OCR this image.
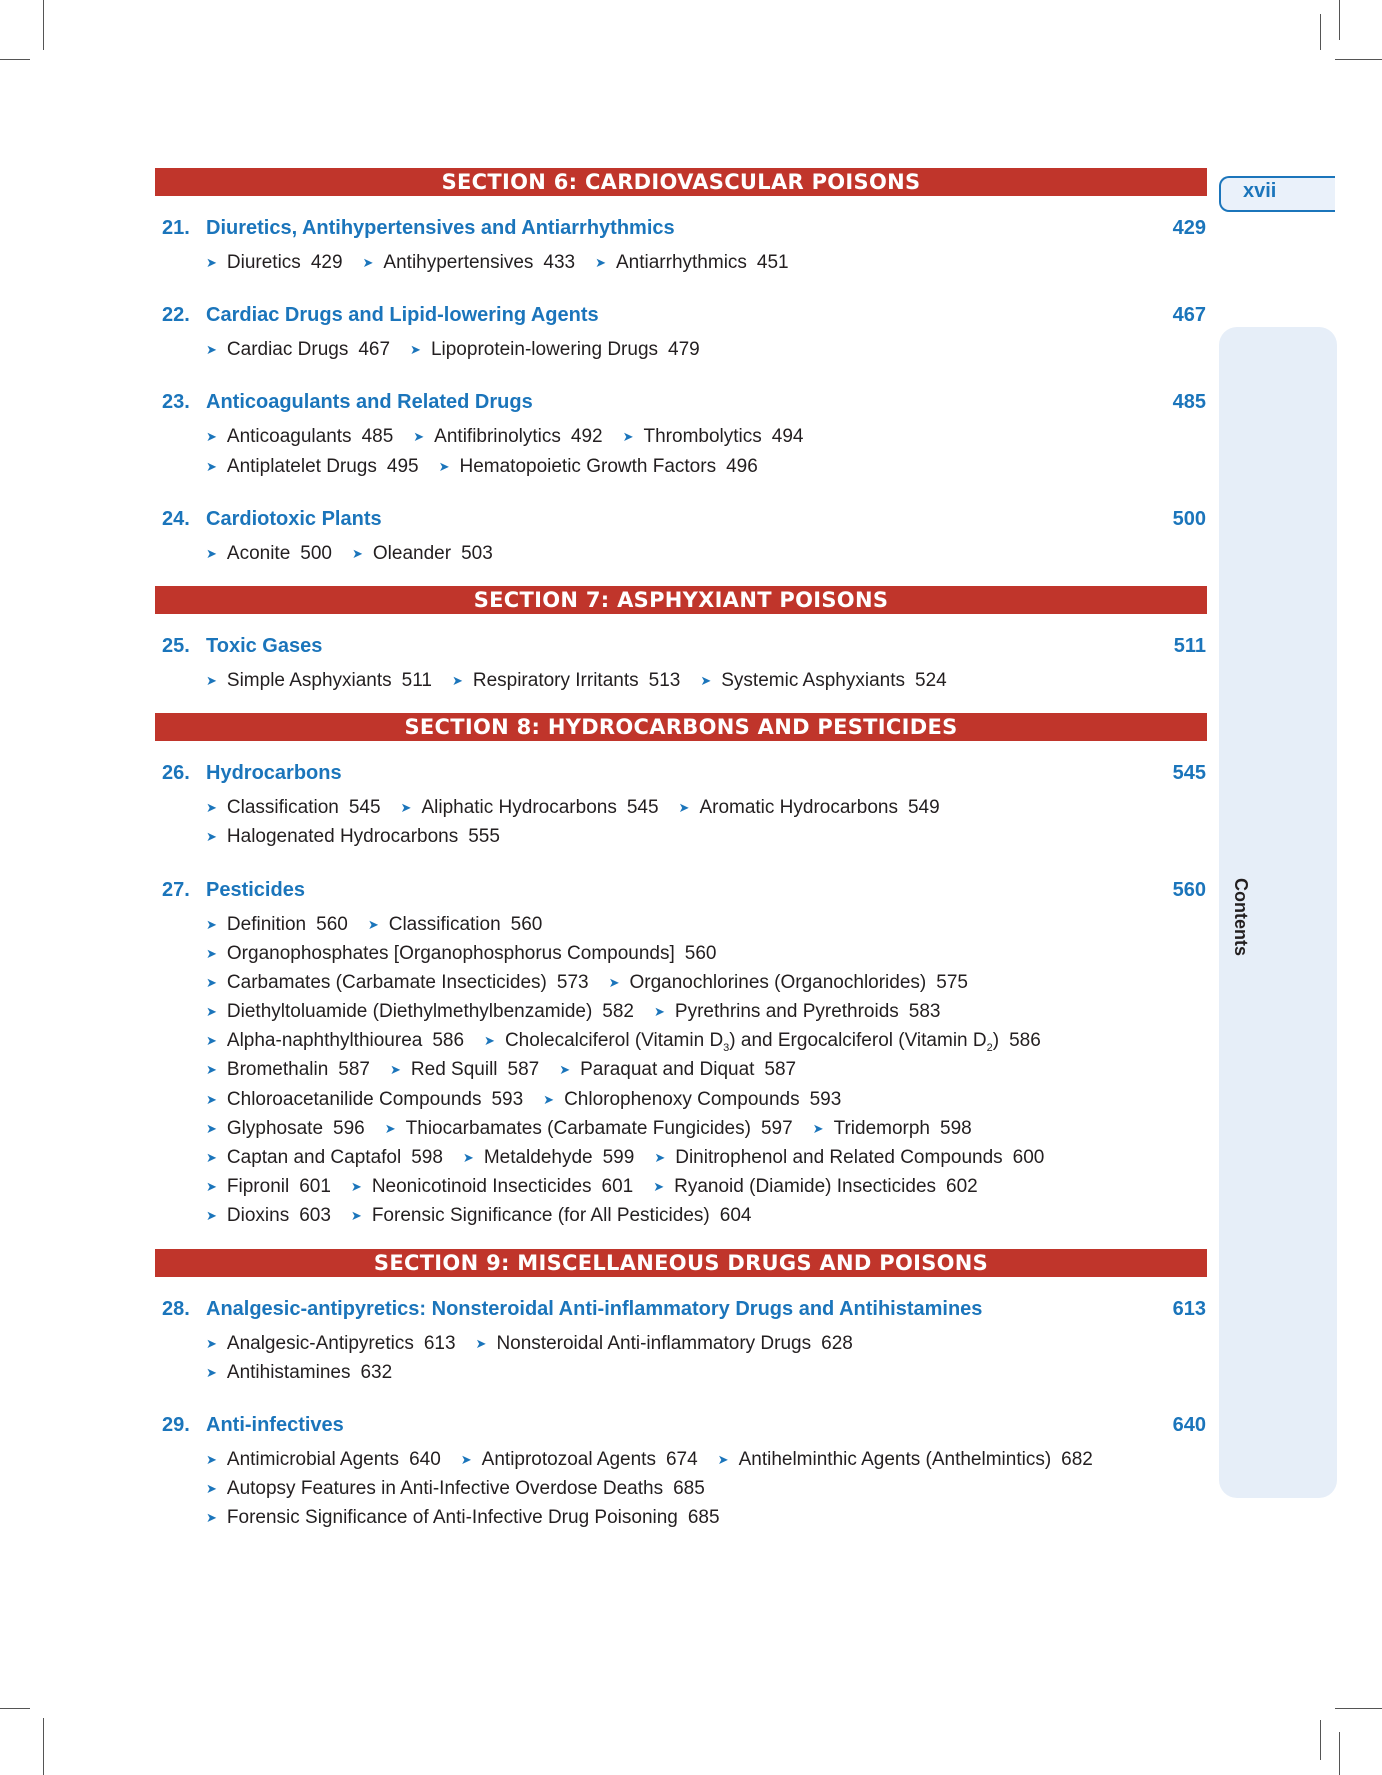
xvii
Contents
SECTION 6: CARDIOVASCULAR POISONS
21. Diuretics, Antihypertensives and Antiarrhythmics	429
➤ Diuretics 429 ➤ Antihypertensives 433 ➤ Antiarrhythmics 451
22. Cardiac Drugs and Lipid-lowering Agents	467
➤ Cardiac Drugs 467 ➤ Lipoprotein-lowering Drugs 479
23. Anticoagulants and Related Drugs	485
➤ Anticoagulants 485 ➤ Antifibrinolytics 492 ➤ Thrombolytics 494
➤ Antiplatelet Drugs 495 ➤ Hematopoietic Growth Factors 496
24. Cardiotoxic Plants	500
➤ Aconite 500 ➤ Oleander 503
SECTION 7: ASPHYXIANT POISONS
25. Toxic Gases	511
➤ Simple Asphyxiants 511 ➤ Respiratory Irritants 513 ➤ Systemic Asphyxiants 524
SECTION 8: HYDROCARBONS AND PESTICIDES
26. Hydrocarbons	545
➤ Classification 545 ➤ Aliphatic Hydrocarbons 545 ➤ Aromatic Hydrocarbons 549
➤ Halogenated Hydrocarbons 555
27. Pesticides	560
➤ Definition 560 ➤ Classification 560
➤ Organophosphates [Organophosphorus Compounds] 560
➤ Carbamates (Carbamate Insecticides) 573 ➤ Organochlorines (Organochlorides) 575
➤ Diethyltoluamide (Diethylmethylbenzamide) 582 ➤ Pyrethrins and Pyrethroids 583
➤ Alpha-naphthylthiourea 586 ➤ Cholecalciferol (Vitamin $D_3$) and Ergocalciferol (Vitamin $D_2$) 586
➤ Bromethalin 587 ➤ Red Squill 587 ➤ Paraquat and Diquat 587
➤ Chloroacetanilide Compounds 593 ➤ Chlorophenoxy Compounds 593
➤ Glyphosate 596 ➤ Thiocarbamates (Carbamate Fungicides) 597 ➤ Tridemorph 598
➤ Captan and Captafol 598 ➤ Metaldehyde 599 ➤ Dinitrophenol and Related Compounds 600
➤ Fipronil 601 ➤ Neonicotinoid Insecticides 601 ➤ Ryanoid (Diamide) Insecticides 602
➤ Dioxins 603 ➤ Forensic Significance (for All Pesticides) 604
SECTION 9: MISCELLANEOUS DRUGS AND POISONS
28. Analgesic-antipyretics: Nonsteroidal Anti-inflammatory Drugs and Antihistamines	613
➤ Analgesic-Antipyretics 613 ➤ Nonsteroidal Anti-inflammatory Drugs 628
➤ Antihistamines 632
29. Anti-infectives	640
➤ Antimicrobial Agents 640 ➤ Antiprotozoal Agents 674 ➤ Antihelminthic Agents (Anthelmintics) 682
➤ Autopsy Features in Anti-Infective Overdose Deaths 685
➤ Forensic Significance of Anti-Infective Drug Poisoning 685
